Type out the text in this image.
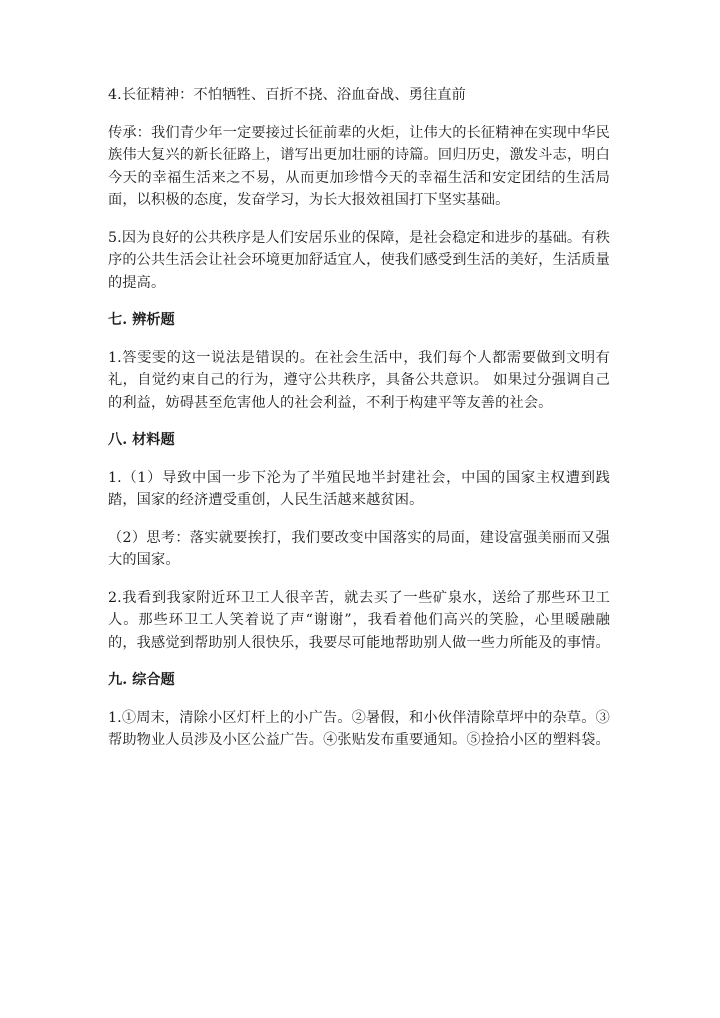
4.长征精神：不怕牺牲、百折不挠、浴血奋战、勇往直前

传承：我们青少年一定要接过长征前辈的火炬，让伟大的长征精神在实现中华民族伟大复兴的新长征路上，谱写出更加壮丽的诗篇。回归历史，激发斗志，明白今天的幸福生活来之不易，从而更加珍惜今天的幸福生活和安定团结的生活局面，以积极的态度，发奋学习，为长大报效祖国打下坚实基础。

5.因为良好的公共秩序是人们安居乐业的保障，是社会稳定和进步的基础。有秩序的公共生活会让社会环境更加舒适宜人，使我们感受到生活的美好，生活质量的提高。

七. 辨析题

1.答雯雯的这一说法是错误的。在社会生活中，我们每个人都需要做到文明有礼，自觉约束自己的行为，遵守公共秩序，具备公共意识。 如果过分强调自己的利益，妨碍甚至危害他人的社会利益，不利于构建平等友善的社会。

八. 材料题

1.（1）导致中国一步下沦为了半殖民地半封建社会，中国的国家主权遭到践踏，国家的经济遭受重创，人民生活越来越贫困。

（2）思考：落实就要挨打，我们要改变中国落实的局面，建设富强美丽而又强大的国家。

2.我看到我家附近环卫工人很辛苦，就去买了一些矿泉水，送给了那些环卫工人。那些环卫工人笑着说了声“谢谢”，我看着他们高兴的笑脸，心里暖融融的，我感觉到帮助别人很快乐，我要尽可能地帮助别人做一些力所能及的事情。

九. 综合题

1.①周末，清除小区灯杆上的小广告。②暑假，和小伙伴清除草坪中的杂草。③帮助物业人员涉及小区公益广告。④张贴发布重要通知。⑤捡拾小区的塑料袋。
